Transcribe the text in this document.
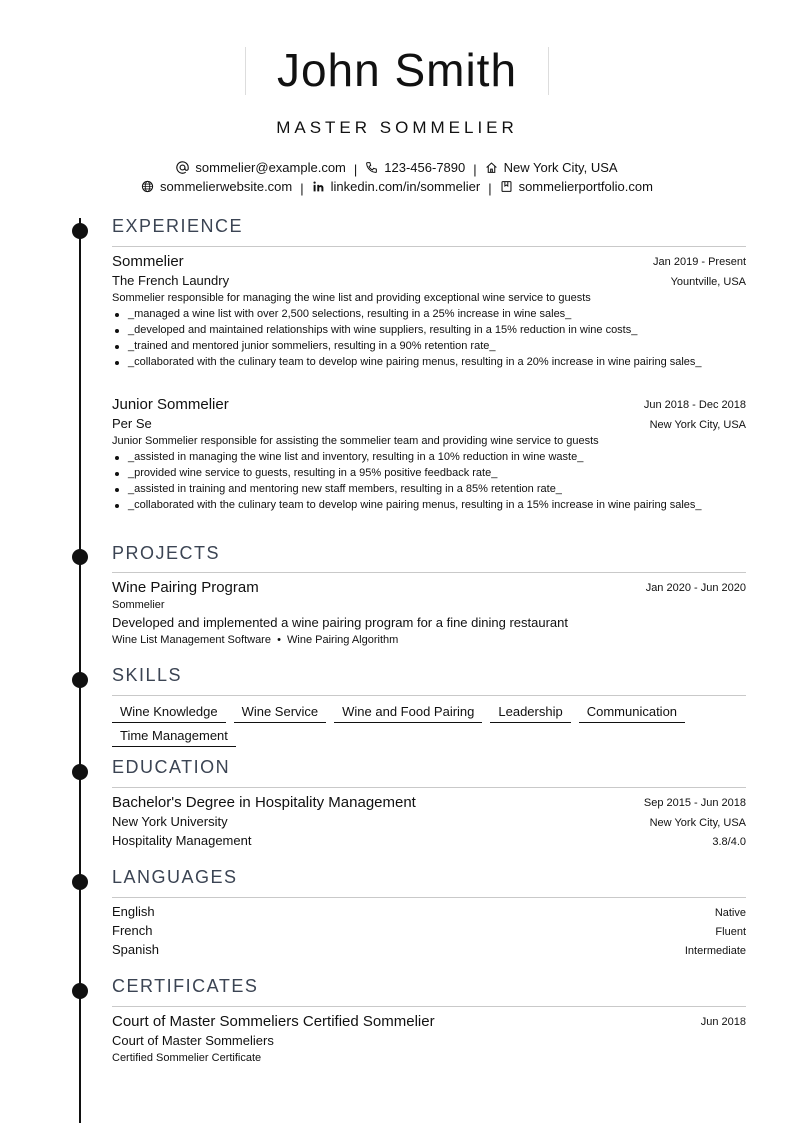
John Smith
MASTER SOMMELIER
sommelier@example.com | 123-456-7890 | New York City, USA
sommelierwebsite.com | linkedin.com/in/sommelier | sommelierportfolio.com
EXPERIENCE
Sommelier	Jan 2019 - Present
The French Laundry	Yountville, USA
Sommelier responsible for managing the wine list and providing exceptional wine service to guests
_managed a wine list with over 2,500 selections, resulting in a 25% increase in wine sales_
_developed and maintained relationships with wine suppliers, resulting in a 15% reduction in wine costs_
_trained and mentored junior sommeliers, resulting in a 90% retention rate_
_collaborated with the culinary team to develop wine pairing menus, resulting in a 20% increase in wine pairing sales_
Junior Sommelier	Jun 2018 - Dec 2018
Per Se	New York City, USA
Junior Sommelier responsible for assisting the sommelier team and providing wine service to guests
_assisted in managing the wine list and inventory, resulting in a 10% reduction in wine waste_
_provided wine service to guests, resulting in a 95% positive feedback rate_
_assisted in training and mentoring new staff members, resulting in a 85% retention rate_
_collaborated with the culinary team to develop wine pairing menus, resulting in a 15% increase in wine pairing sales_
PROJECTS
Wine Pairing Program	Jan 2020 - Jun 2020
Sommelier
Developed and implemented a wine pairing program for a fine dining restaurant
Wine List Management Software  •  Wine Pairing Algorithm
SKILLS
Wine Knowledge Wine Service Wine and Food Pairing Leadership CommunicationTime Management
EDUCATION
Bachelor's Degree in Hospitality Management	Sep 2015 - Jun 2018
New York University	New York City, USA
Hospitality Management	3.8/4.0
LANGUAGES
English	Native
French	Fluent
Spanish	Intermediate
CERTIFICATES
Court of Master Sommeliers Certified Sommelier	Jun 2018
Court of Master Sommeliers
Certified Sommelier Certificate
